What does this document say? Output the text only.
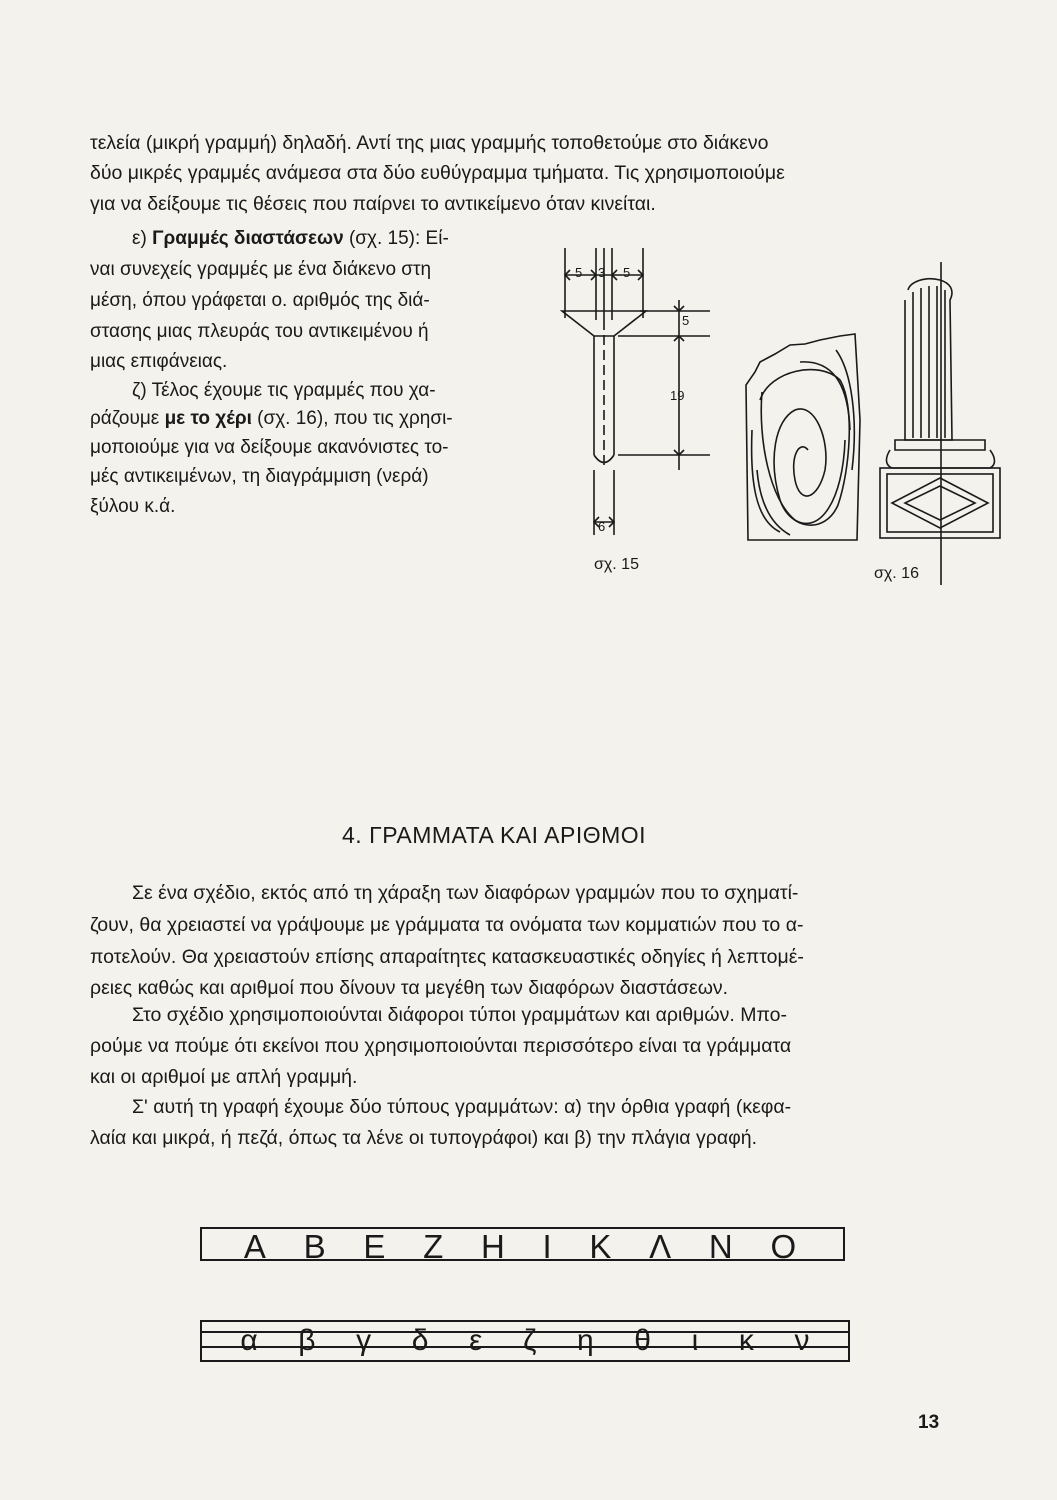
τελεία (μικρή γραμμή) δηλαδή. Αντί της μιας γραμμής τοποθετούμε στο διάκενο
δύο μικρές γραμμές ανάμεσα στα δύο ευθύγραμμα τμήματα. Τις χρησιμοποιούμε
για να δείξουμε τις θέσεις που παίρνει το αντικείμενο όταν κινείται.
ε) Γραμμές διαστάσεων (σχ. 15): Εί-
ναι συνεχείς γραμμές με ένα διάκενο στη
μέση, όπου γράφεται ο. αριθμός της διά-
στασης μιας πλευράς του αντικειμένου ή
μιας επιφάνειας.
ζ) Τέλος έχουμε τις γραμμές που χα-
ράζουμε με το χέρι (σχ. 16), που τις χρησι-
μοποιούμε για να δείξουμε ακανόνιστες το-
μές αντικειμένων, τη διαγράμμιση (νερά)
ξύλου κ.ά.
5 3 5
5
19
6
σχ. 15
σχ. 16
4. ΓΡΑΜΜΑΤΑ ΚΑΙ ΑΡΙΘΜΟΙ
Σε ένα σχέδιο, εκτός από τη χάραξη των διαφόρων γραμμών που το σχηματί-
ζουν, θα χρειαστεί να γράψουμε με γράμματα τα ονόματα των κομματιών που το α-
ποτελούν. Θα χρειαστούν επίσης απαραίτητες κατασκευαστικές οδηγίες ή λεπτομέ-
ρειες καθώς και αριθμοί που δίνουν τα μεγέθη των διαφόρων διαστάσεων.
Στο σχέδιο χρησιμοποιούνται διάφοροι τύποι γραμμάτων και αριθμών. Μπο-
ρούμε να πούμε ότι εκείνοι που χρησιμοποιούνται περισσότερο είναι τα γράμματα
και οι αριθμοί με απλή γραμμή.
Σ' αυτή τη γραφή έχουμε δύο τύπους γραμμάτων: α) την όρθια γραφή (κεφα-
λαία και μικρά, ή πεζά, όπως τα λένε οι τυπογράφοι) και β) την πλάγια γραφή.
Α Β Ε Ζ Η Ι Κ Λ Ν Ο
α β γ δ ε ζ η θ ι κ ν
13
